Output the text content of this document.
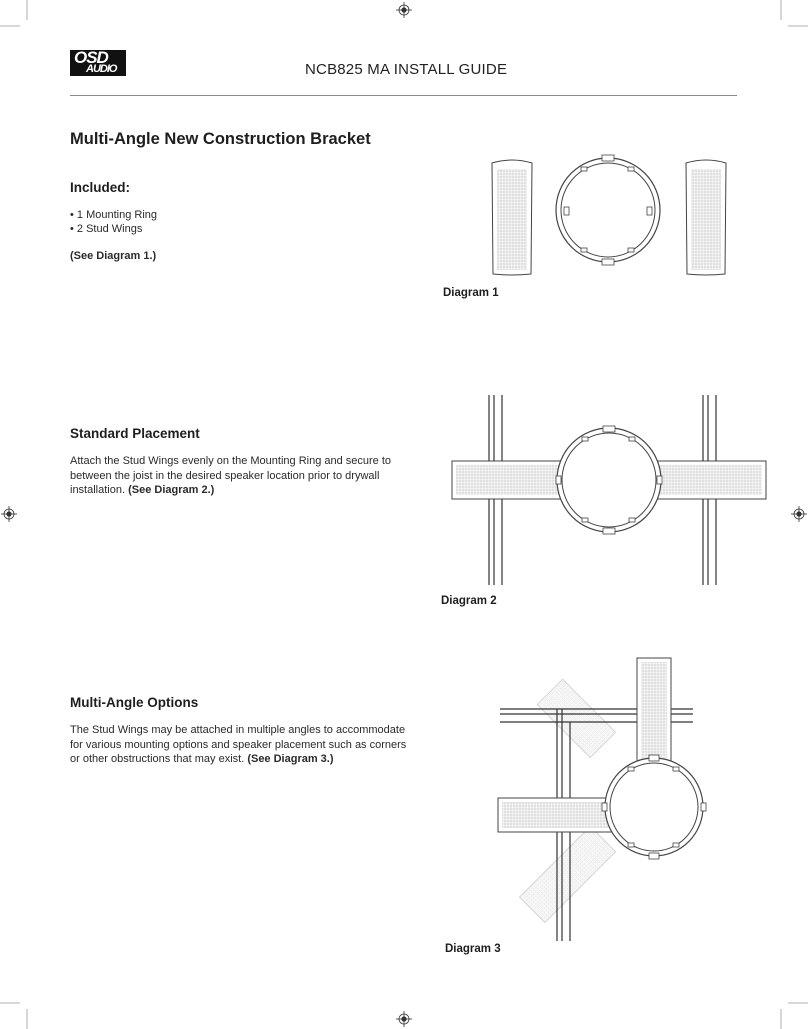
OSD
AUDIO	NCB825 MA INSTALL GUIDE
Multi-Angle New Construction Bracket
Included:
• 1 Mounting Ring
• 2 Stud Wings
(See Diagram 1.)
Standard Placement
Attach the Stud Wings evenly on the Mounting Ring and secure to between the joist in the desired speaker location prior to drywall installation. (See Diagram 2.)
Multi-Angle Options
The Stud Wings may be attached in multiple angles to accommodate for various mounting options and speaker placement such as corners or other obstructions that may exist. (See Diagram 3.)
Diagram 1
Diagram 2
Diagram 3
